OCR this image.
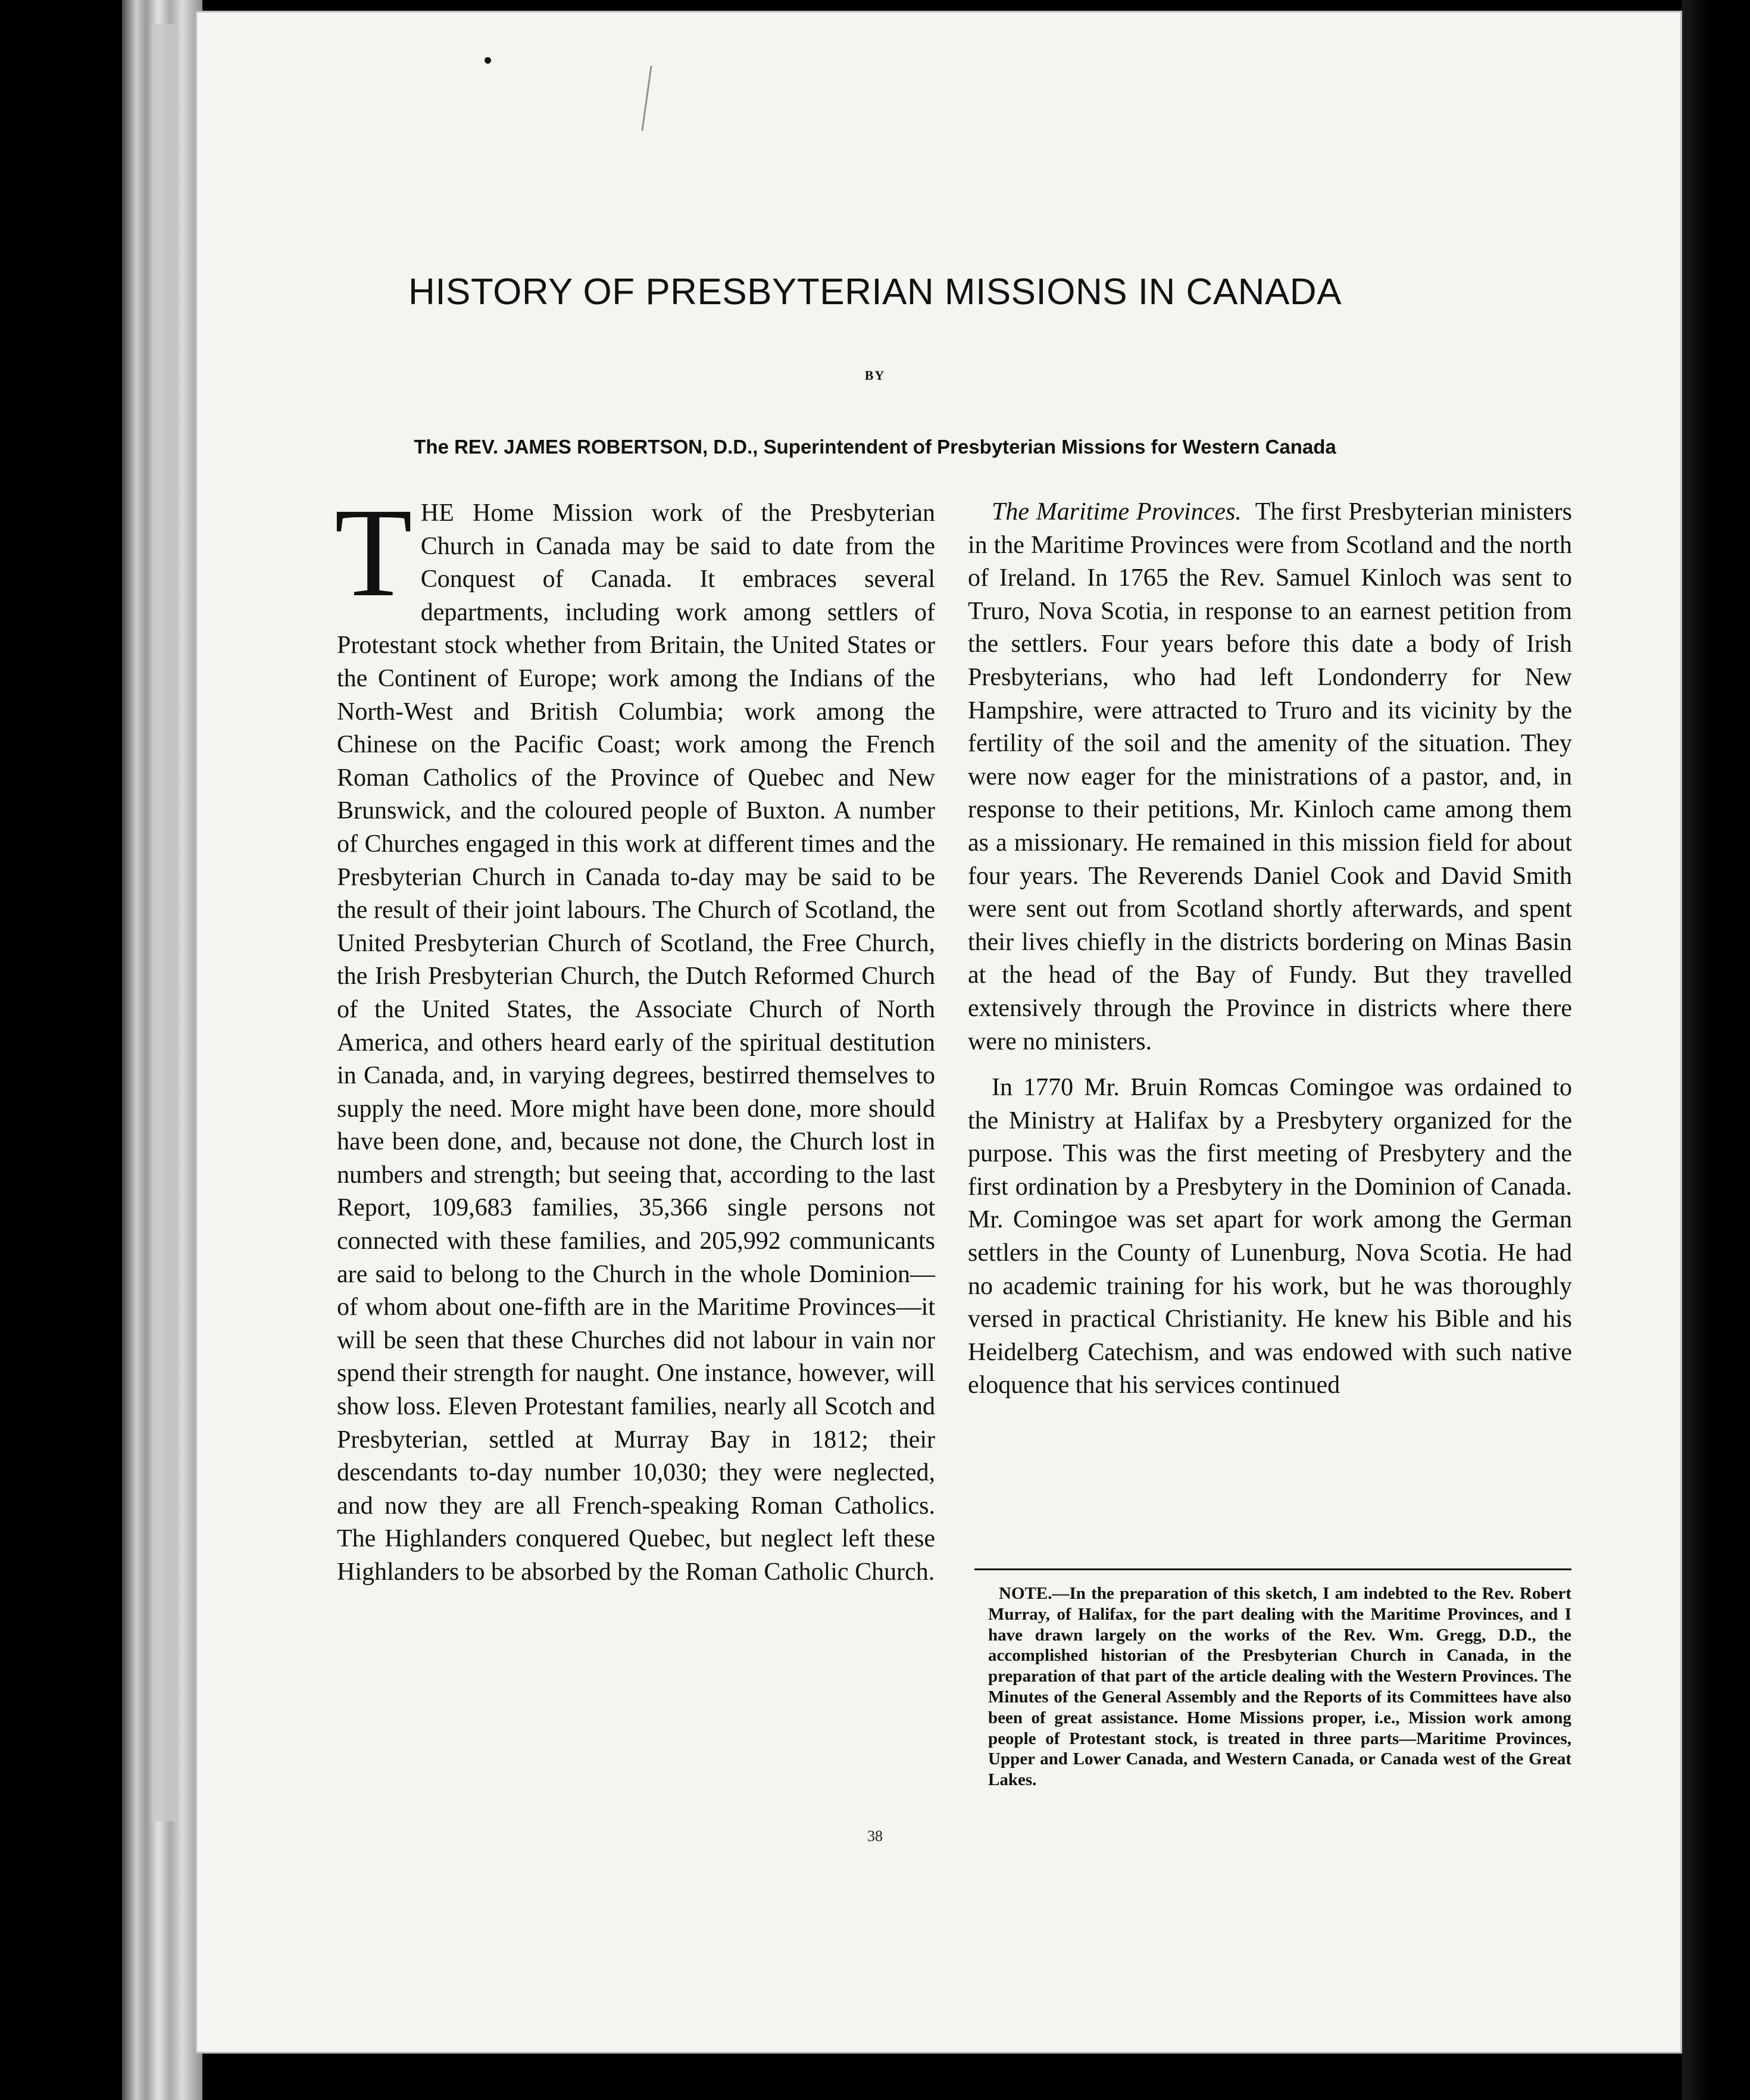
HISTORY OF PRESBYTERIAN MISSIONS IN CANADA
BY
The REV. JAMES ROBERTSON, D.D., Superintendent of Presbyterian Missions for Western Canada

THE Home Mission work of the Presbyterian Church in Canada may be said to date from the Conquest of Canada. It embraces several departments, including work among settlers of Protestant stock whether from Britain, the United States or the Continent of Europe; work among the Indians of the North-West and British Columbia; work among the Chinese on the Pacific Coast; work among the French Roman Catholics of the Province of Quebec and New Brunswick, and the coloured people of Buxton. A number of Churches engaged in this work at different times and the Presbyterian Church in Canada to-day may be said to be the result of their joint labours. The Church of Scotland, the United Presbyterian Church of Scotland, the Free Church, the Irish Presbyterian Church, the Dutch Reformed Church of the United States, the Associate Church of North America, and others heard early of the spiritual destitution in Canada, and, in varying degrees, bestirred themselves to supply the need. More might have been done, more should have been done, and, because not done, the Church lost in numbers and strength; but seeing that, according to the last Report, 109,683 families, 35,366 single persons not connected with these families, and 205,992 communicants are said to belong to the Church in the whole Dominion—of whom about one-fifth are in the Maritime Provinces—it will be seen that these Churches did not labour in vain nor spend their strength for naught. One instance, however, will show loss. Eleven Protestant families, nearly all Scotch and Presbyterian, settled at Murray Bay in 1812; their descendants to-day number 10,030; they were neglected, and now they are all French-speaking Roman Catholics. The Highlanders conquered Quebec, but neglect left these Highlanders to be absorbed by the Roman Catholic Church.

The Maritime Provinces. The first Presbyterian ministers in the Maritime Provinces were from Scotland and the north of Ireland. In 1765 the Rev. Samuel Kinloch was sent to Truro, Nova Scotia, in response to an earnest petition from the settlers. Four years before this date a body of Irish Presbyterians, who had left Londonderry for New Hampshire, were attracted to Truro and its vicinity by the fertility of the soil and the amenity of the situation. They were now eager for the ministrations of a pastor, and, in response to their petitions, Mr. Kinloch came among them as a missionary. He remained in this mission field for about four years. The Reverends Daniel Cook and David Smith were sent out from Scotland shortly afterwards, and spent their lives chiefly in the districts bordering on Minas Basin at the head of the Bay of Fundy. But they travelled extensively through the Province in districts where there were no ministers.

In 1770 Mr. Bruin Romcas Comingoe was ordained to the Ministry at Halifax by a Presbytery organized for the purpose. This was the first meeting of Presbytery and the first ordination by a Presbytery in the Dominion of Canada. Mr. Comingoe was set apart for work among the German settlers in the County of Lunenburg, Nova Scotia. He had no academic training for his work, but he was thoroughly versed in practical Christianity. He knew his Bible and his Heidelberg Catechism, and was endowed with such native eloquence that his services continued

NOTE.—In the preparation of this sketch, I am indebted to the Rev. Robert Murray, of Halifax, for the part dealing with the Maritime Provinces, and I have drawn largely on the works of the Rev. Wm. Gregg, D.D., the accomplished historian of the Presbyterian Church in Canada, in the preparation of that part of the article dealing with the Western Provinces. The Minutes of the General Assembly and the Reports of its Committees have also been of great assistance. Home Missions proper, i.e., Mission work among people of Protestant stock, is treated in three parts—Maritime Provinces, Upper and Lower Canada, and Western Canada, or Canada west of the Great Lakes.
38
